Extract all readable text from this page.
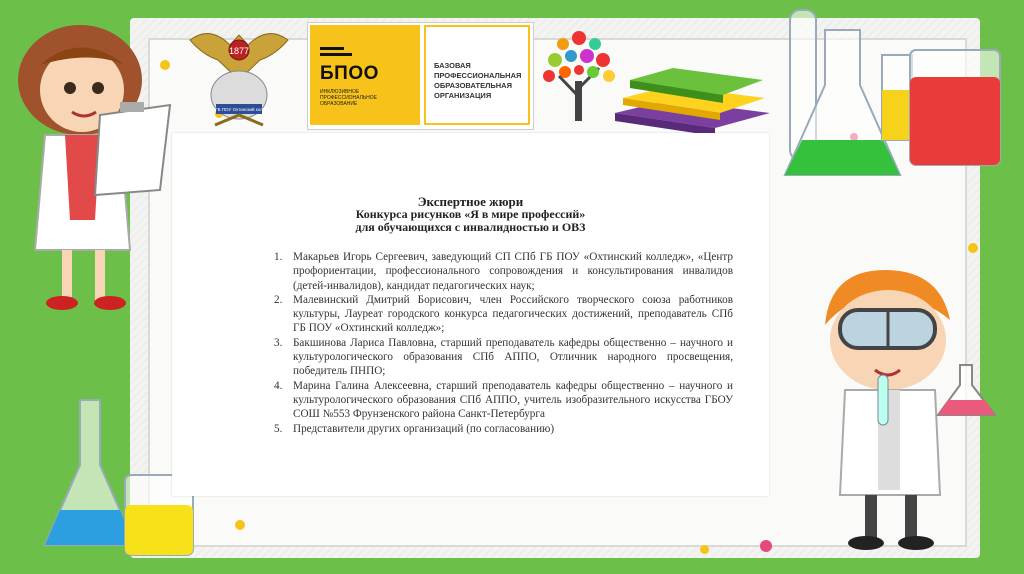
1877
СПБ ГБ ПОУ Охтинский колледж
БПОО
ИНКЛЮЗИВНОЕ ПРОФЕССИОНАЛЬНОЕ ОБРАЗОВАНИЕ
БАЗОВАЯ ПРОФЕССИОНАЛЬНАЯ ОБРАЗОВАТЕЛЬНАЯ ОРГАНИЗАЦИЯ
Экспертное жюри
Конкурса рисунков «Я в мире профессий»
для обучающихся с инвалидностью и ОВЗ
1. Макарьев Игорь Сергеевич, заведующий СП СПб ГБ ПОУ «Охтинский колледж», «Центр профориентации, профессионального сопровождения и консультирования инвалидов (детей-инвалидов), кандидат педагогических наук;
2. Малевинский Дмитрий Борисович, член Российского творческого союза работников культуры, Лауреат городского конкурса педагогических достижений, преподаватель СПб ГБ ПОУ «Охтинский колледж»;
3. Бакшинова Лариса Павловна, старший преподаватель кафедры общественно – научного и культурологического образования СПб АППО, Отличник народного просвещения, победитель ПНПО;
4. Марина Галина Алексеевна, старший преподаватель кафедры общественно – научного и культурологического образования СПб АППО, учитель изобразительного искусства ГБОУ СОШ №553 Фрунзенского района Санкт-Петербурга
5. Представители других организаций (по согласованию)
